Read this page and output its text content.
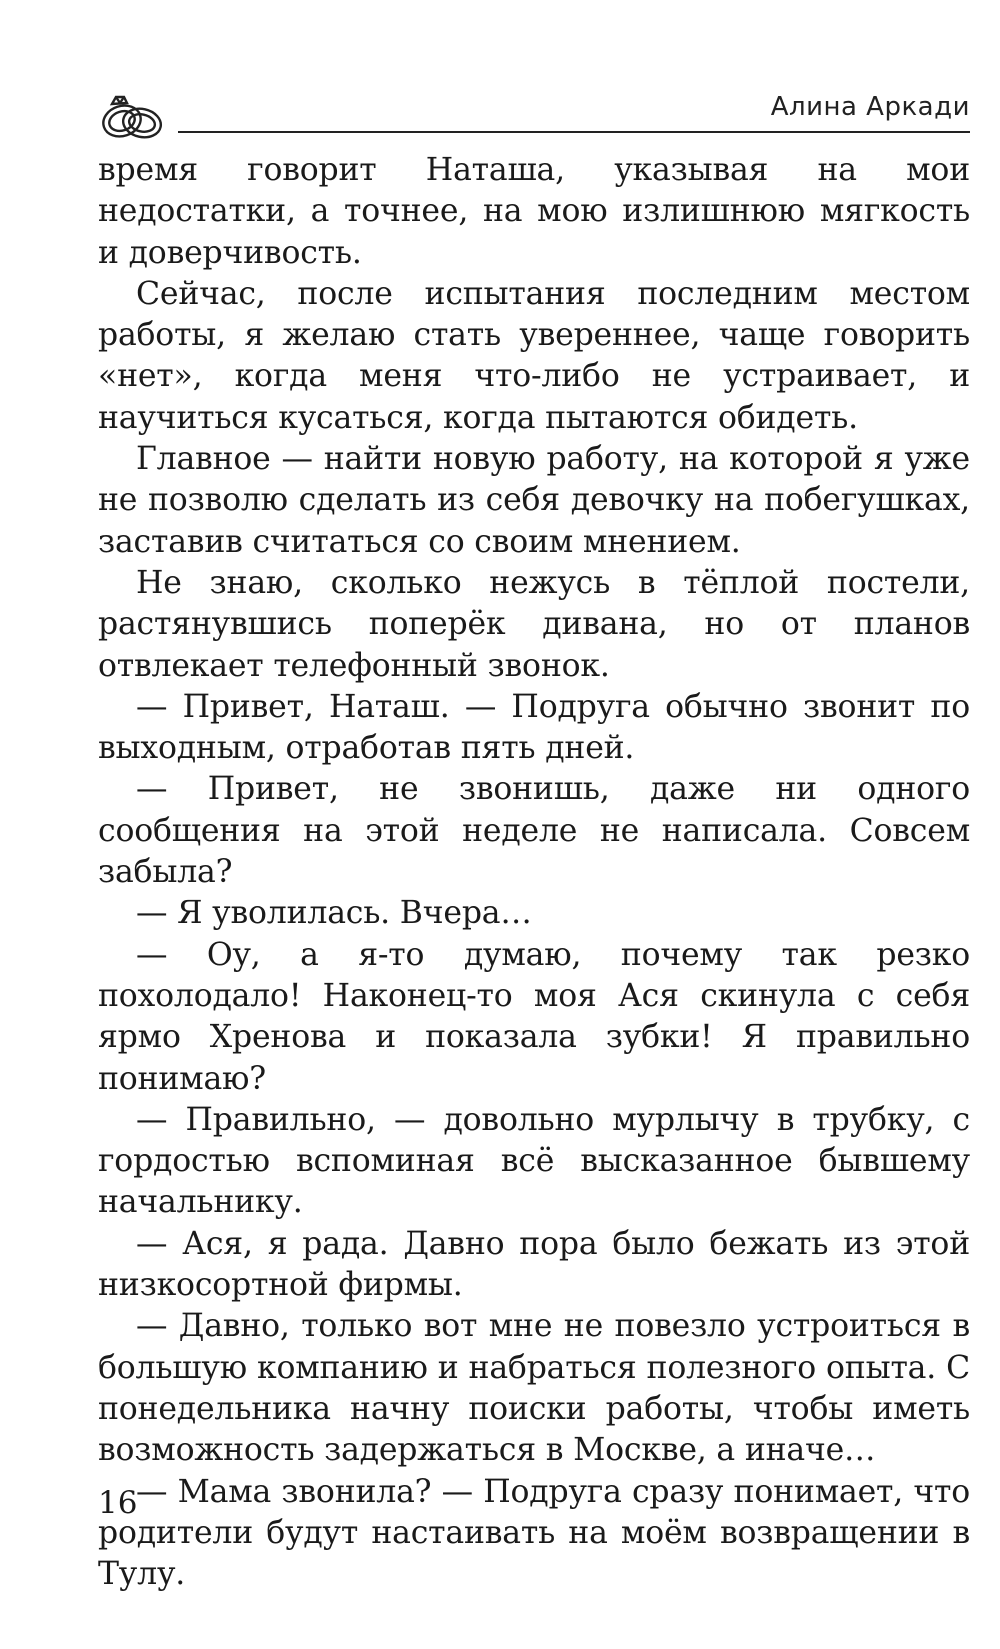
Алина Аркади

время говорит Наташа, указывая на мои недостатки, а точнее, на мою излишнюю мягкость и доверчивость.

Сейчас, после испытания последним местом работы, я желаю стать увереннее, чаще говорить «нет», когда меня что-либо не устраивает, и научиться кусаться, когда пытаются обидеть.

Главное — найти новую работу, на которой я уже не позволю сделать из себя девочку на побегушках, заставив считаться со своим мнением.

Не знаю, сколько нежусь в тёплой постели, растянувшись поперёк дивана, но от планов отвлекает телефонный звонок.

— Привет, Наташ. — Подруга обычно звонит по выходным, отработав пять дней.

— Привет, не звонишь, даже ни одного сообщения на этой неделе не написала. Совсем забыла?

— Я уволилась. Вчера…

— Оу, а я-то думаю, почему так резко похолодало! Наконец-то моя Ася скинула с себя ярмо Хренова и показала зубки! Я правильно понимаю?

— Правильно, — довольно мурлычу в трубку, с гордостью вспоминая всё высказанное бывшему начальнику.

— Ася, я рада. Давно пора было бежать из этой низкосортной фирмы.

— Давно, только вот мне не повезло устроиться в большую компанию и набраться полезного опыта. С понедельника начну поиски работы, чтобы иметь возможность задержаться в Москве, а иначе…

— Мама звонила? — Подруга сразу понимает, что родители будут настаивать на моём возвращении в Тулу.

16
